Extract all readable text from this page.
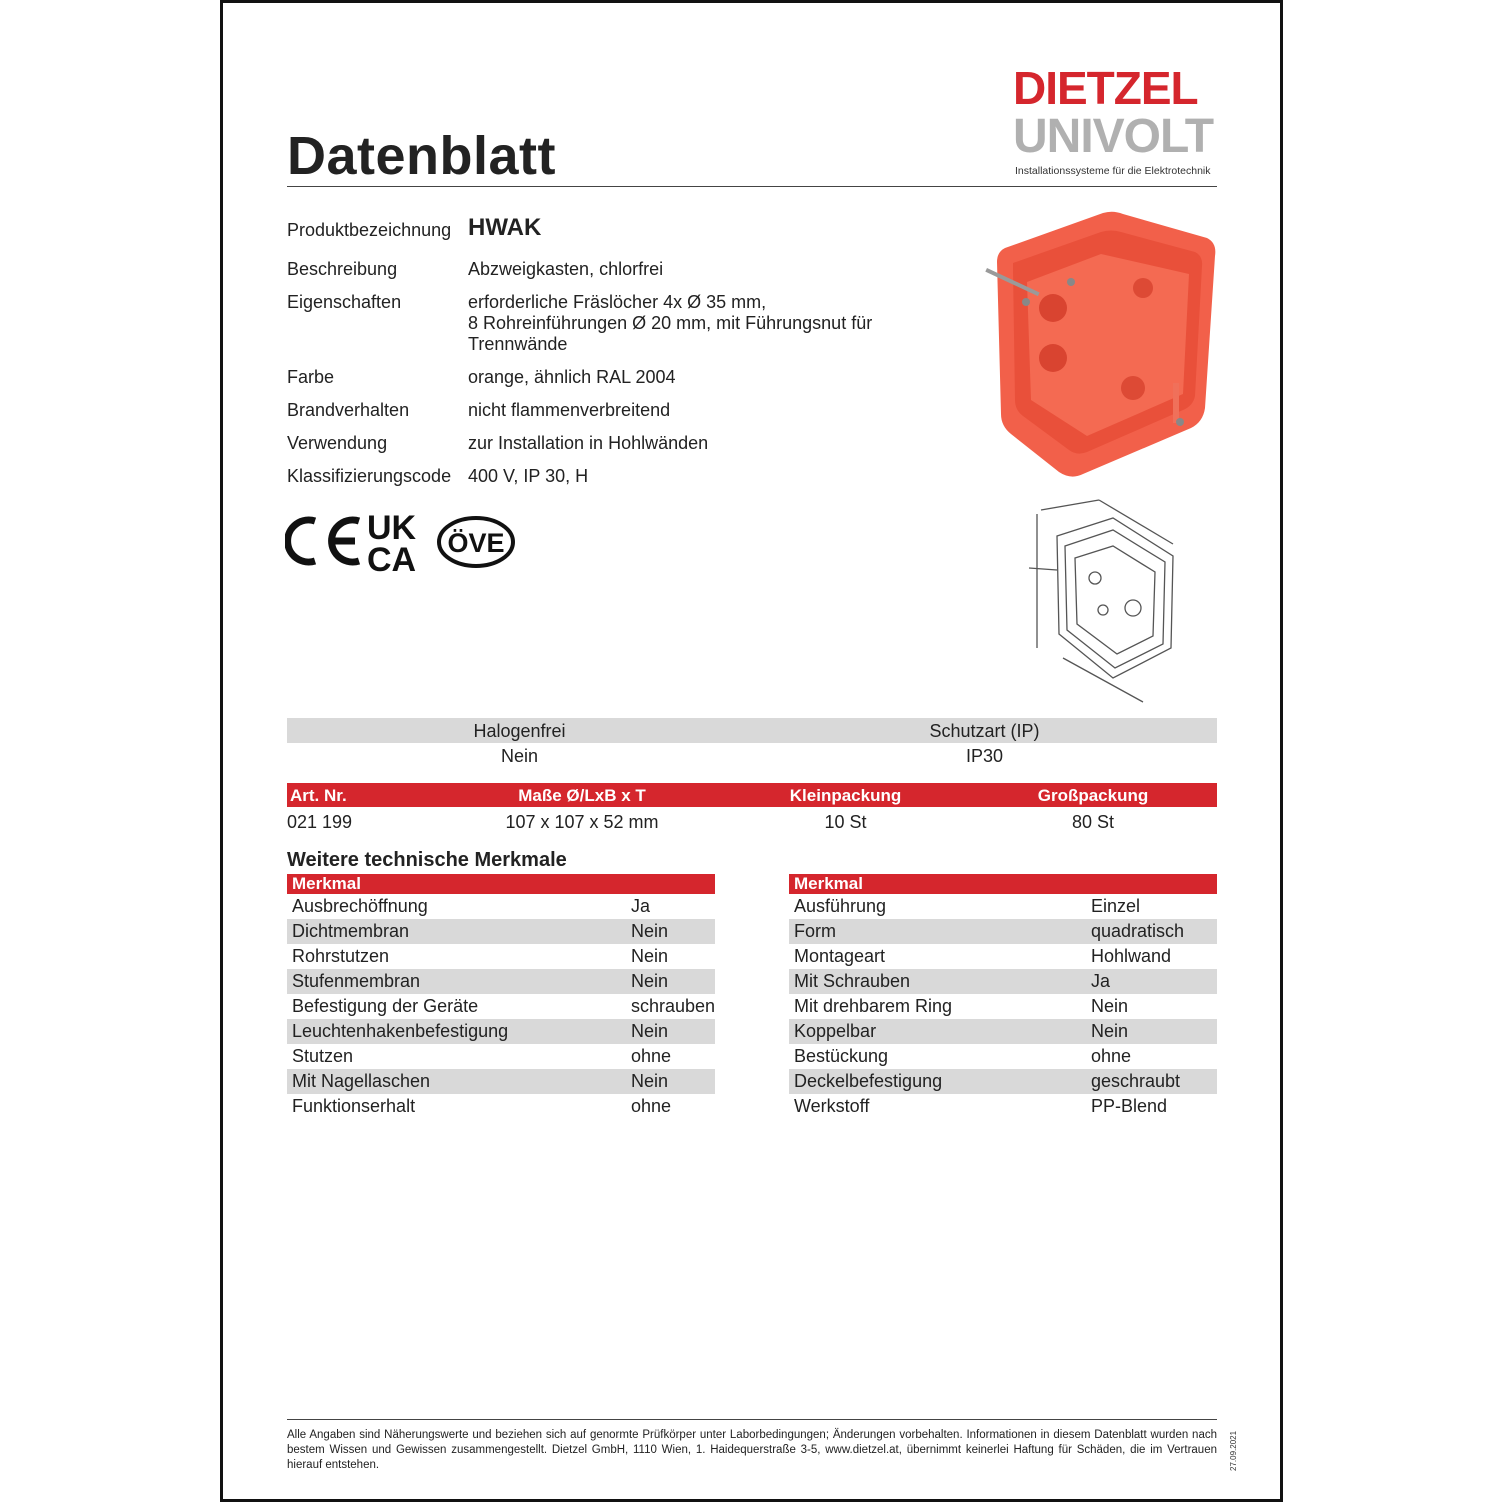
DIETZEL
UNIVOLT
Installationssysteme für die Elektrotechnik
Datenblatt
Produktbezeichnung HWAK
Beschreibung	Abzweigkasten, chlorfrei
Eigenschaften	erforderliche Fräslöcher 4x Ø 35 mm,
8 Rohreinführungen Ø 20 mm, mit Führungsnut für
Trennwände
Farbe	orange, ähnlich RAL 2004
Brandverhalten	nicht flammenverbreitend
Verwendung	zur Installation in Hohlwänden
Klassifizierungscode 400 V, IP 30, H
UK
CA ÖVE
Halogenfrei	Schutzart (IP)
Nein	IP30
Art. Nr.	Maße Ø/LxB x T	Kleinpackung	Großpackung
021 199	107 x 107 x 52 mm	10 St	80 St
Weitere technische Merkmale
Merkmal
Ausbrechöffnung	Ja
Dichtmembran	Nein
Rohrstutzen	Nein
Stufenmembran	Nein
Befestigung der Geräte	schrauben
Leuchtenhakenbefestigung	Nein
Stutzen	ohne
Mit Nagellaschen	Nein
Funktionserhalt	ohne
Merkmal
Ausführung	Einzel
Form	quadratisch
Montageart	Hohlwand
Mit Schrauben	Ja
Mit drehbarem Ring	Nein
Koppelbar	Nein
Bestückung	ohne
Deckelbefestigung	geschraubt
Werkstoff	PP-Blend
Alle Angaben sind Näherungswerte und beziehen sich auf genormte Prüfkörper unter Laborbedingungen; Änderungen vorbehalten. Informationen in diesem Datenblatt wurden nach bestem Wissen und Gewissen zusammengestellt. Dietzel GmbH, 1110 Wien, 1. Haidequerstraße 3-5, www.dietzel.at, übernimmt keinerlei Haftung für Schäden, die im Vertrauen hierauf entstehen.	27.09.2021
